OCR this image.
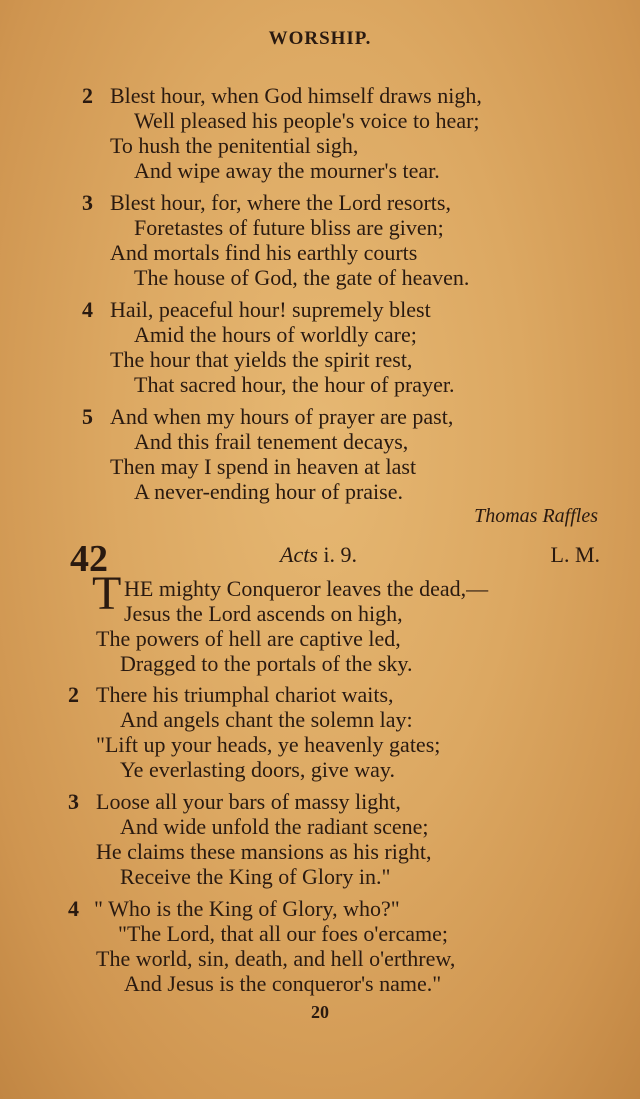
WORSHIP.
2 Blest hour, when God himself draws nigh,
Well pleased his people's voice to hear;
To hush the penitential sigh,
And wipe away the mourner's tear.
3 Blest hour, for, where the Lord resorts,
Foretastes of future bliss are given;
And mortals find his earthly courts
The house of God, the gate of heaven.
4 Hail, peaceful hour! supremely blest
Amid the hours of worldly care;
The hour that yields the spirit rest,
That sacred hour, the hour of prayer.
5 And when my hours of prayer are past,
And this frail tenement decays,
Then may I spend in heaven at last
A never-ending hour of praise.
Thomas Raffles
42	Acts i. 9.	L. M.
T HE mighty Conqueror leaves the dead,—
Jesus the Lord ascends on high,
The powers of hell are captive led,
Dragged to the portals of the sky.
2 There his triumphal chariot waits,
And angels chant the solemn lay:
"Lift up your heads, ye heavenly gates;
Ye everlasting doors, give way.
3 Loose all your bars of massy light,
And wide unfold the radiant scene;
He claims these mansions as his right,
Receive the King of Glory in."
4 " Who is the King of Glory, who?"
"The Lord, that all our foes o'ercame;
The world, sin, death, and hell o'erthrew,
And Jesus is the conqueror's name."
20
